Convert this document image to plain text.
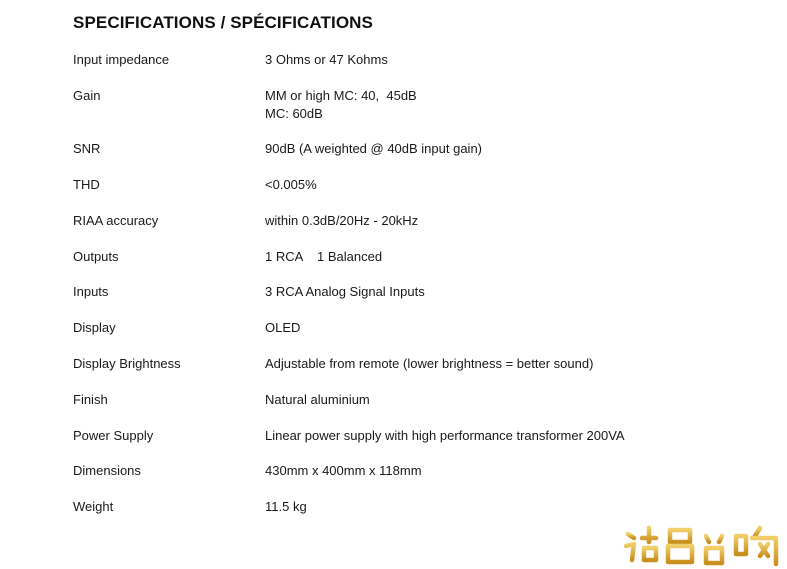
SPECIFICATIONS / SPÉCIFICATIONS
Input impedance	3 Ohms or 47 Kohms
Gain	MM or high MC: 40,  45dB
MC: 60dB
SNR	90dB (A weighted @ 40dB input gain)
THD	<0.005%
RIAA accuracy	within 0.3dB/20Hz - 20kHz
Outputs	1 RCA    1 Balanced
Inputs	3 RCA Analog Signal Inputs
Display	OLED
Display Brightness	Adjustable from remote (lower brightness = better sound)
Finish	Natural aluminium
Power Supply	Linear power supply with high performance transformer 200VA
Dimensions	430mm x 400mm x 118mm
Weight	11.5 kg
